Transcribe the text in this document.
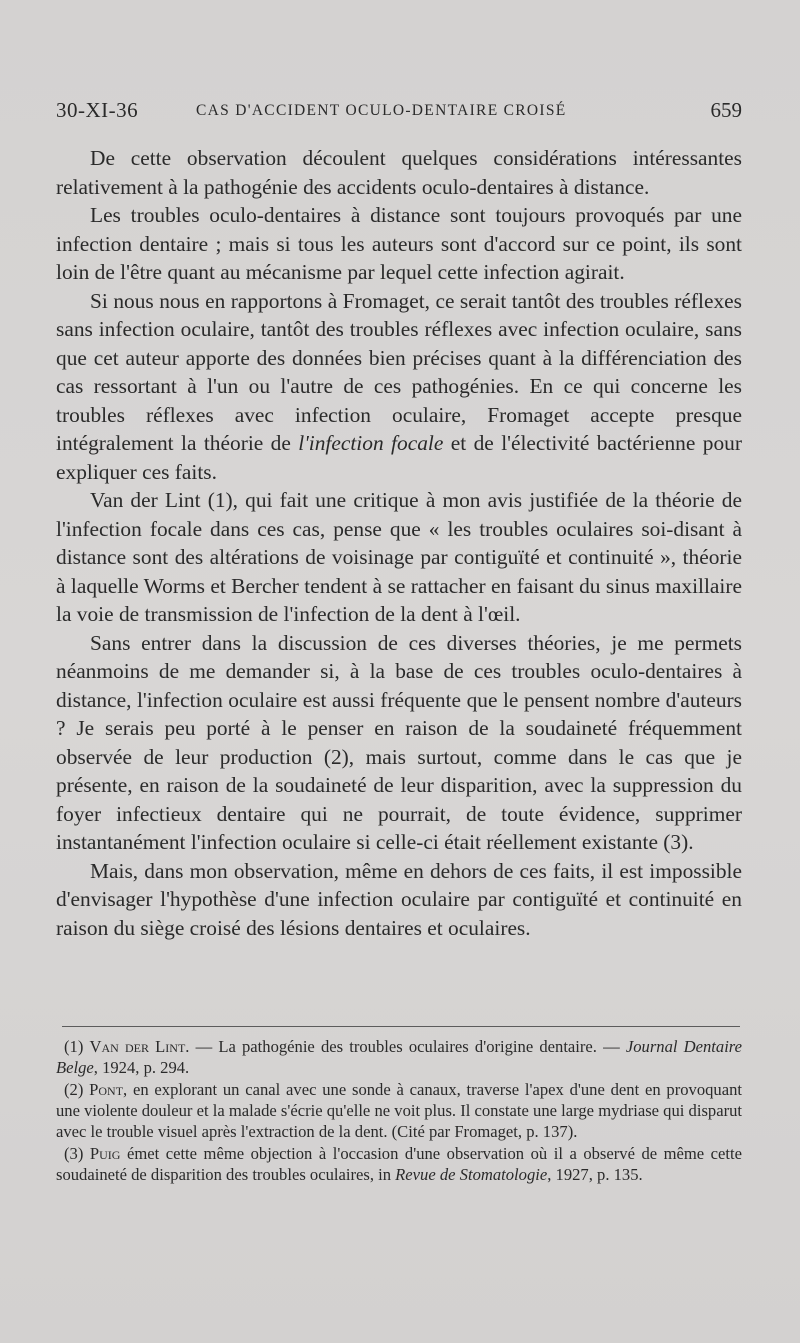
30-XI-36	CAS D'ACCIDENT OCULO-DENTAIRE CROISÉ	659

De cette observation découlent quelques considérations intéressantes relativement à la pathogénie des accidents oculo-dentaires à distance.

Les troubles oculo-dentaires à distance sont toujours provoqués par une infection dentaire ; mais si tous les auteurs sont d'accord sur ce point, ils sont loin de l'être quant au mécanisme par lequel cette infection agirait.

Si nous nous en rapportons à Fromaget, ce serait tantôt des troubles réflexes sans infection oculaire, tantôt des troubles réflexes avec infection oculaire, sans que cet auteur apporte des données bien précises quant à la différenciation des cas ressortant à l'un ou l'autre de ces pathogénies. En ce qui concerne les troubles réflexes avec infection oculaire, Fromaget accepte presque intégralement la théorie de l'infection focale et de l'électivité bactérienne pour expliquer ces faits.

Van der Lint (1), qui fait une critique à mon avis justifiée de la théorie de l'infection focale dans ces cas, pense que « les troubles oculaires soi-disant à distance sont des altérations de voisinage par contiguïté et continuité », théorie à laquelle Worms et Bercher tendent à se rattacher en faisant du sinus maxillaire la voie de transmission de l'infection de la dent à l'œil.

Sans entrer dans la discussion de ces diverses théories, je me permets néanmoins de me demander si, à la base de ces troubles oculo-dentaires à distance, l'infection oculaire est aussi fréquente que le pensent nombre d'auteurs ? Je serais peu porté à le penser en raison de la soudaineté fréquemment observée de leur production (2), mais surtout, comme dans le cas que je présente, en raison de la soudaineté de leur disparition, avec la suppression du foyer infectieux dentaire qui ne pourrait, de toute évidence, supprimer instantanément l'infection oculaire si celle-ci était réellement existante (3).

Mais, dans mon observation, même en dehors de ces faits, il est impossible d'envisager l'hypothèse d'une infection oculaire par contiguïté et continuité en raison du siège croisé des lésions dentaires et oculaires.

(1) Van der Lint. — La pathogénie des troubles oculaires d'origine dentaire. — Journal Dentaire Belge, 1924, p. 294.

(2) Pont, en explorant un canal avec une sonde à canaux, traverse l'apex d'une dent en provoquant une violente douleur et la malade s'écrie qu'elle ne voit plus. Il constate une large mydriase qui disparut avec le trouble visuel après l'extraction de la dent. (Cité par Fromaget, p. 137).

(3) Puig émet cette même objection à l'occasion d'une observation où il a observé de même cette soudaineté de disparition des troubles oculaires, in Revue de Stomatologie, 1927, p. 135.
